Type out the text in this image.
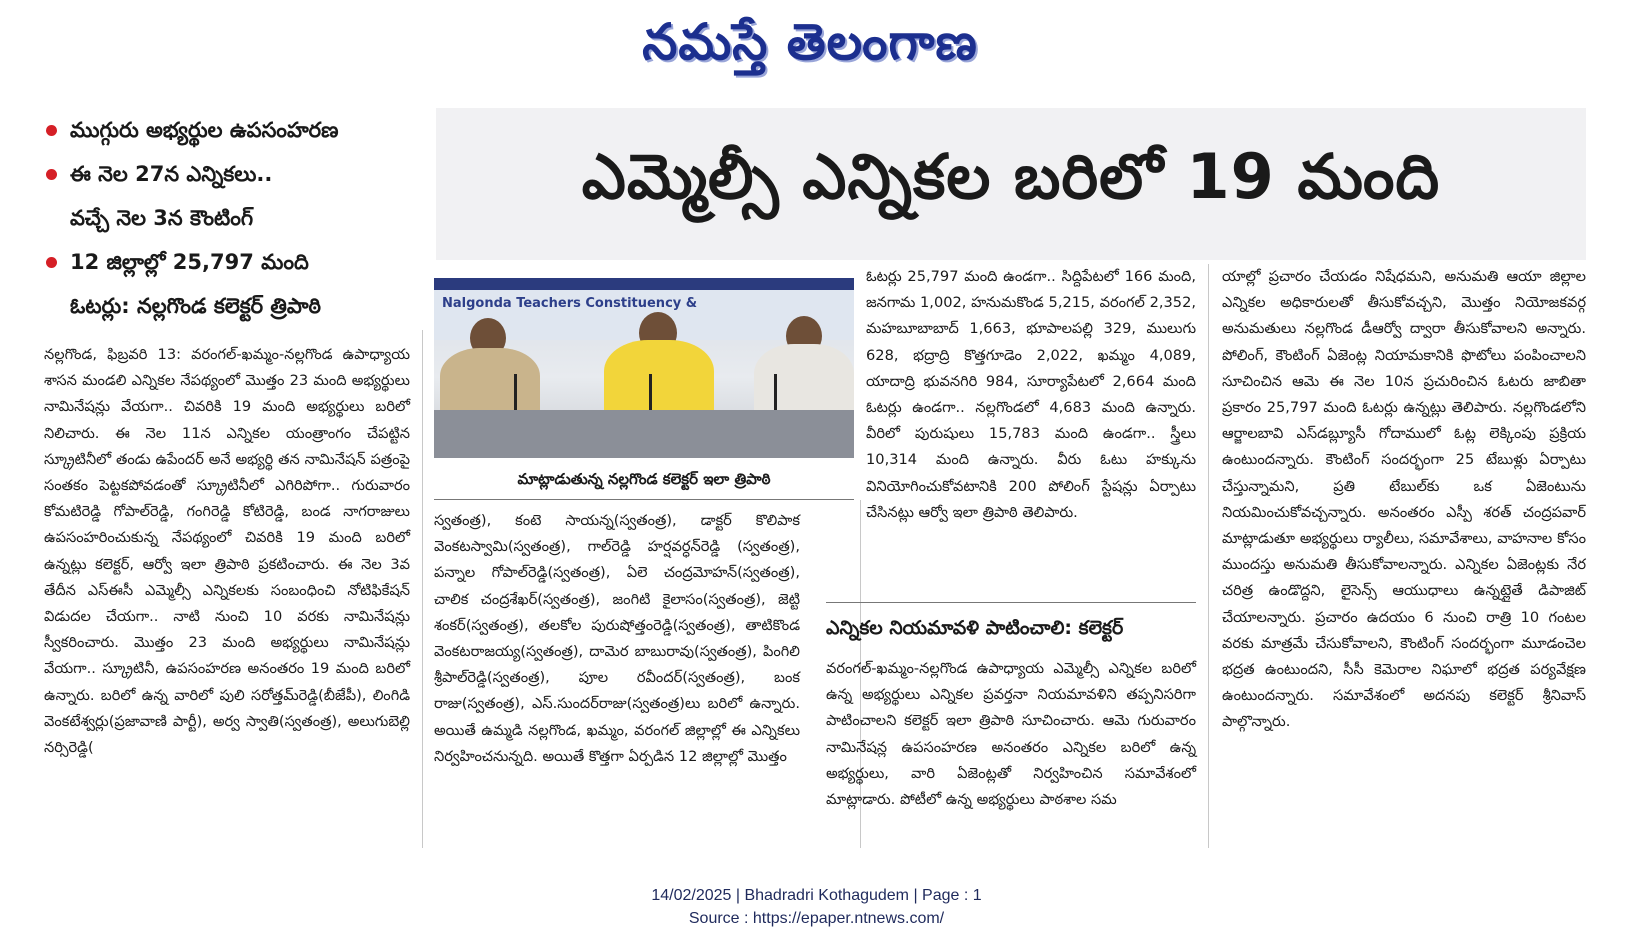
నమస్తే తెలంగాణ
ముగ్గురు అభ్యర్థుల ఉపసంహరణ
ఈ నెల 27న ఎన్నికలు..
వచ్చే నెల 3న కౌంటింగ్
12 జిల్లాల్లో 25,797 మంది
ఓటర్లు: నల్లగొండ కలెక్టర్ త్రిపాఠి
ఎమ్మెల్సీ ఎన్నికల బరిలో 19 మంది
Nalgonda Teachers Constituency &
మాట్లాడుతున్న నల్లగొండ కలెక్టర్ ఇలా త్రిపాఠి
నల్లగొండ, ఫిబ్రవరి 13: వరంగల్-ఖమ్మం-నల్లగొండ ఉపాధ్యాయ శాసన మండలి ఎన్నికల నేపథ్యంలో మొత్తం 23 మంది అభ్యర్థులు నామినేషన్లు వేయగా.. చివరికి 19 మంది అభ్యర్థులు బరిలో నిలిచారు. ఈ నెల 11న ఎన్నికల యంత్రాంగం చేపట్టిన స్క్రూటినీలో తండు ఉపేందర్ అనే అభ్యర్థి తన నామినేషన్ పత్రంపై సంతకం పెట్టకపోవడంతో స్క్రూటినీలో ఎగిరిపోగా.. గురువారం కోమటిరెడ్డి గోపాల్‌రెడ్డి, గంగిరెడ్డి కోటిరెడ్డి, బండ నాగరాజులు ఉపసంహరించుకున్న నేపథ్యంలో చివరికి 19 మంది బరిలో ఉన్నట్లు కలెక్టర్, ఆర్వో ఇలా త్రిపాఠి ప్రకటించారు. ఈ నెల 3వ తేదీన ఎస్ఈసీ ఎమ్మెల్సీ ఎన్నికలకు సంబంధించి నోటిఫికేషన్ విడుదల చేయగా.. నాటి నుంచి 10 వరకు నామినేషన్లు స్వీకరించారు. మొత్తం 23 మంది అభ్యర్థులు నామినేషన్లు వేయగా.. స్క్రూటినీ, ఉపసంహరణ అనంతరం 19 మంది బరిలో ఉన్నారు. బరిలో ఉన్న వారిలో పులి సరోత్తమ్‌రెడ్డి(బీజేపీ), లింగిడి వెంకటేశ్వర్లు(ప్రజావాణి పార్టీ), అర్వ స్వాతి(స్వతంత్ర), అలుగుబెల్లి నర్సిరెడ్డి(
స్వతంత్ర), కంటె సాయన్న(స్వతంత్ర), డాక్టర్ కొలిపాక వెంకటస్వామి(స్వతంత్ర), గాల్‌రెడ్డి హర్షవర్ధన్‌రెడ్డి (స్వతంత్ర), పన్నాల గోపాల్‌రెడ్డి(స్వతంత్ర), ఏలె చంద్రమోహన్(స్వతంత్ర), చాలిక చంద్రశేఖర్(స్వతంత్ర), జంగిటి కైలాసం(స్వతంత్ర), జెట్టి శంకర్(స్వతంత్ర), తలకోల పురుషోత్తంరెడ్డి(స్వతంత్ర), తాటికొండ వెంకటరాజయ్య(స్వతంత్ర), దామెర బాబురావు(స్వతంత్ర), పింగిలి శ్రీపాల్‌రెడ్డి(స్వతంత్ర), పూల రవీందర్(స్వతంత్ర), బంక రాజు(స్వతంత్ర), ఎస్.సుందర్‌రాజు(స్వతంత్ర)లు బరిలో ఉన్నారు. అయితే ఉమ్మడి నల్లగొండ, ఖమ్మం, వరంగల్ జిల్లాల్లో ఈ ఎన్నికలు నిర్వహించనున్నది. అయితే కొత్తగా ఏర్పడిన 12 జిల్లాల్లో మొత్తం
ఓటర్లు 25,797 మంది ఉండగా.. సిద్దిపేటలో 166 మంది, జనగామ 1,002, హనుమకొండ 5,215, వరంగల్ 2,352, మహబూబాబాద్ 1,663, భూపాలపల్లి 329, ములుగు 628, భద్రాద్రి కొత్తగూడెం 2,022, ఖమ్మం 4,089, యాదాద్రి భువనగిరి 984, సూర్యాపేటలో 2,664 మంది ఓటర్లు ఉండగా.. నల్లగొండలో 4,683 మంది ఉన్నారు. వీరిలో పురుషులు 15,783 మంది ఉండగా.. స్త్రీలు 10,314 మంది ఉన్నారు. వీరు ఓటు హక్కును వినియోగించుకోవటానికి 200 పోలింగ్ స్టేషన్లు ఏర్పాటు చేసినట్లు ఆర్వో ఇలా త్రిపాఠి తెలిపారు.
ఎన్నికల నియమావళి పాటించాలి: కలెక్టర్
వరంగల్-ఖమ్మం-నల్లగొండ ఉపాధ్యాయ ఎమ్మెల్సీ ఎన్నికల బరిలో ఉన్న అభ్యర్థులు ఎన్నికల ప్రవర్తనా నియమావళిని తప్పనిసరిగా పాటించాలని కలెక్టర్ ఇలా త్రిపాఠి సూచించారు. ఆమె గురువారం నామినేషన్ల ఉపసంహరణ అనంతరం ఎన్నికల బరిలో ఉన్న అభ్యర్థులు, వారి ఏజెంట్లతో నిర్వహించిన సమావేశంలో మాట్లాడారు. పోటీలో ఉన్న అభ్యర్థులు పాఠశాల సమ
యాల్లో ప్రచారం చేయడం నిషేధమని, అనుమతి ఆయా జిల్లాల ఎన్నికల అధికారులతో తీసుకోవచ్చని, మొత్తం నియోజకవర్గ అనుమతులు నల్లగొండ డీఆర్వో ద్వారా తీసుకోవాలని అన్నారు. పోలింగ్, కౌంటింగ్ ఏజెంట్ల నియామకానికి ఫొటోలు పంపించాలని సూచించిన ఆమె ఈ నెల 10న ప్రచురించిన ఓటరు జాబితా ప్రకారం 25,797 మంది ఓటర్లు ఉన్నట్లు తెలిపారు. నల్లగొండలోని ఆర్జాలబావి ఎస్‌డబ్ల్యూసీ గోదాములో ఓట్ల లెక్కింపు ప్రక్రియ ఉంటుందన్నారు. కౌంటింగ్ సందర్భంగా 25 టేబుళ్లు ఏర్పాటు చేస్తున్నామని, ప్రతి టేబుల్‌కు ఒక ఏజెంటును నియమించుకోవచ్చన్నారు. అనంతరం ఎస్పీ శరత్ చంద్రపవార్ మాట్లాడుతూ అభ్యర్థులు ర్యాలీలు, సమావేశాలు, వాహనాల కోసం ముందస్తు అనుమతి తీసుకోవాలన్నారు. ఎన్నికల ఏజెంట్లకు నేర చరిత్ర ఉండొద్దని, లైసెన్స్ ఆయుధాలు ఉన్నట్లైతే డిపాజిట్ చేయాలన్నారు. ప్రచారం ఉదయం 6 నుంచి రాత్రి 10 గంటల వరకు మాత్రమే చేసుకోవాలని, కౌంటింగ్ సందర్భంగా మూడంచెల భద్రత ఉంటుందని, సీసీ కెమెరాల నిఘాలో భద్రత పర్యవేక్షణ ఉంటుందన్నారు. సమావేశంలో అదనపు కలెక్టర్ శ్రీనివాస్ పాల్గొన్నారు.
14/02/2025 | Bhadradri Kothagudem | Page : 1
Source : https://epaper.ntnews.com/
